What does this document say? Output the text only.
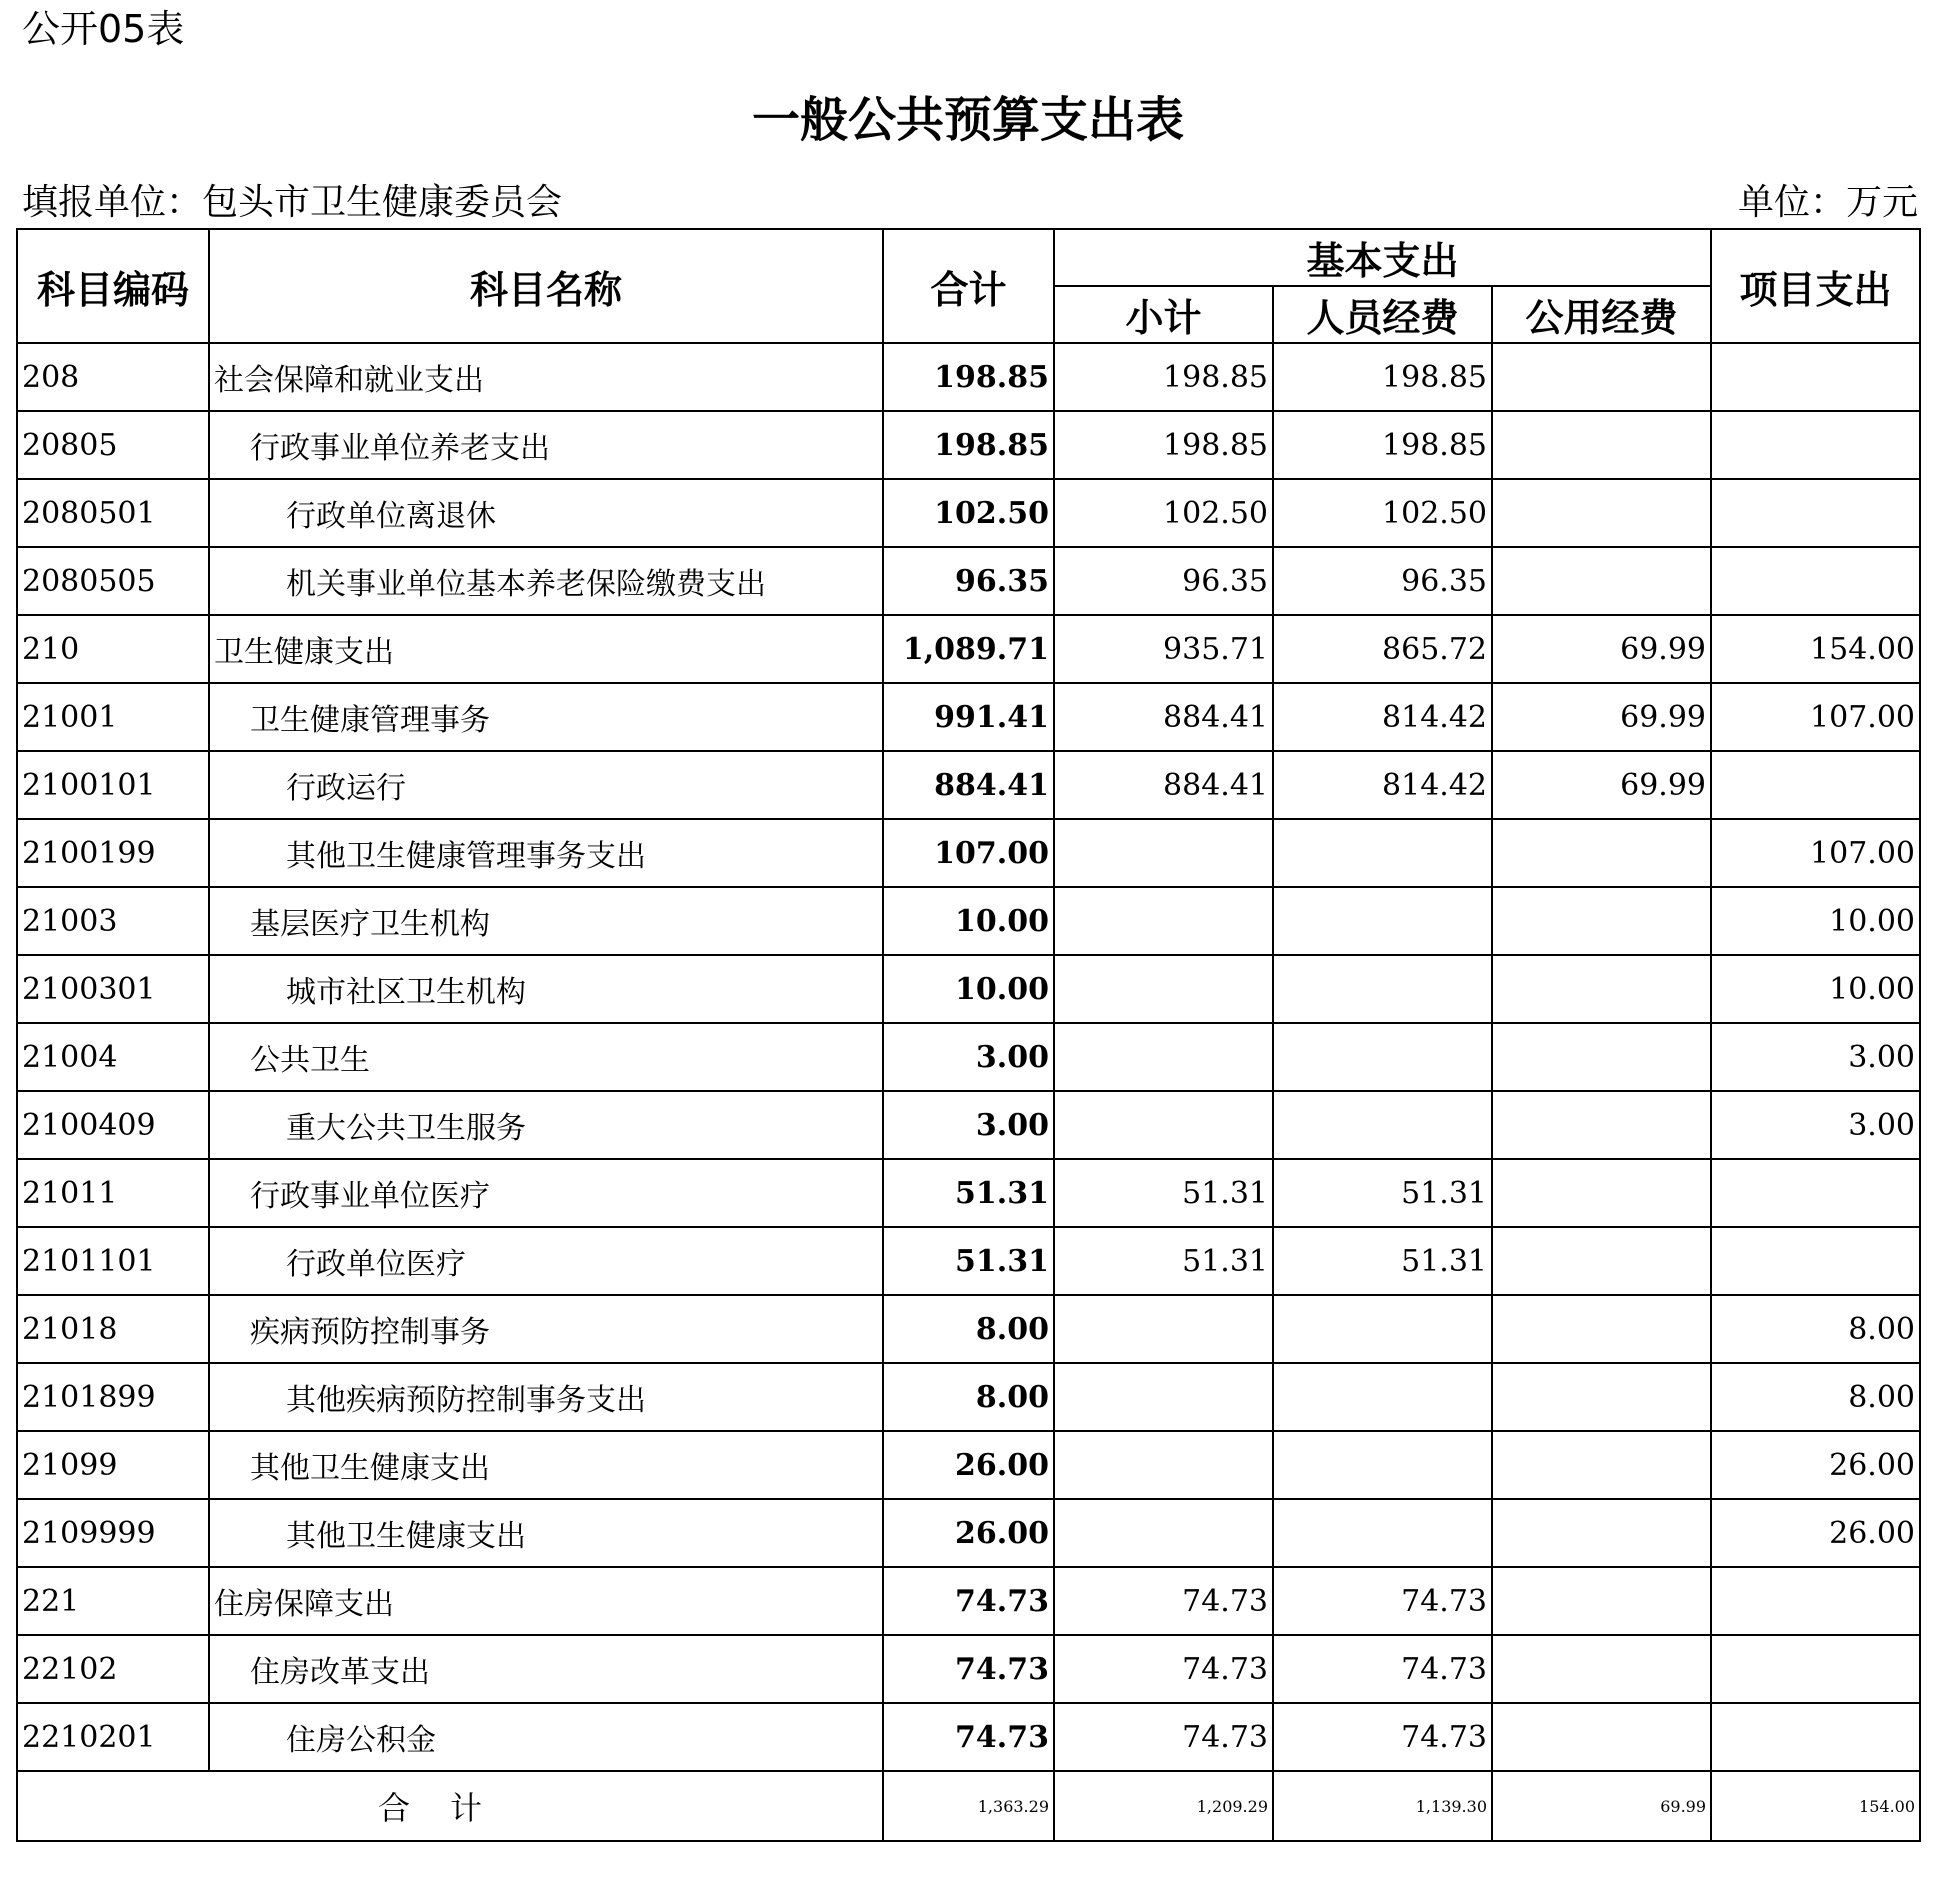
公开05表
一般公共预算支出表
填报单位：包头市卫生健康委员会	单位：万元
科目编码	科目名称	合计	基本支出			项目支出
			小计	人员经费	公用经费	
208	社会保障和就业支出	198.85	198.85	198.85		
20805	行政事业单位养老支出	198.85	198.85	198.85		
2080501	行政单位离退休	102.50	102.50	102.50		
2080505	机关事业单位基本养老保险缴费支出	96.35	96.35	96.35		
210	卫生健康支出	1,089.71	935.71	865.72	69.99	154.00
21001	卫生健康管理事务	991.41	884.41	814.42	69.99	107.00
2100101	行政运行	884.41	884.41	814.42	69.99	
2100199	其他卫生健康管理事务支出	107.00				107.00
21003	基层医疗卫生机构	10.00				10.00
2100301	城市社区卫生机构	10.00				10.00
21004	公共卫生	3.00				3.00
2100409	重大公共卫生服务	3.00				3.00
21011	行政事业单位医疗	51.31	51.31	51.31		
2101101	行政单位医疗	51.31	51.31	51.31		
21018	疾病预防控制事务	8.00				8.00
2101899	其他疾病预防控制事务支出	8.00				8.00
21099	其他卫生健康支出	26.00				26.00
2109999	其他卫生健康支出	26.00				26.00
221	住房保障支出	74.73	74.73	74.73		
22102	住房改革支出	74.73	74.73	74.73		
2210201	住房公积金	74.73	74.73	74.73		
合计		1,363.29	1,209.29	1,139.30	69.99	154.00
